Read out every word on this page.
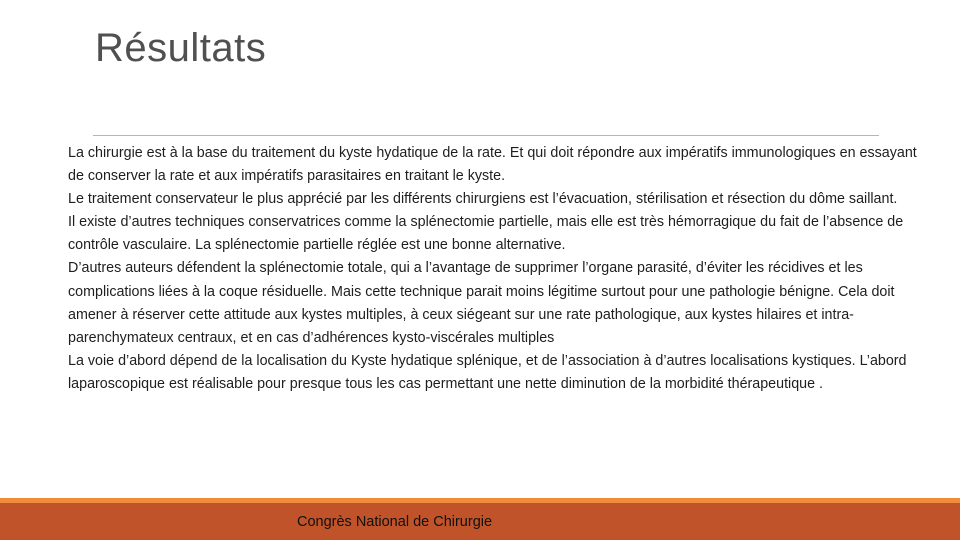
Résultats

La chirurgie est à la base du traitement du kyste hydatique de la rate. Et qui doit répondre aux impératifs immunologiques en essayant de conserver la rate et aux impératifs parasitaires en traitant le kyste.

Le traitement conservateur le plus apprécié par les différents chirurgiens est l’évacuation, stérilisation et résection du dôme saillant.

Il existe d’autres techniques conservatrices comme la splénectomie partielle, mais elle est très hémorragique du fait de l’absence de contrôle vasculaire. La splénectomie partielle réglée est une bonne alternative.

D’autres auteurs défendent la splénectomie totale, qui a l’avantage de supprimer l’organe parasité, d’éviter les récidives et les complications liées à la coque résiduelle. Mais cette technique parait moins légitime surtout pour une pathologie bénigne. Cela doit amener à réserver cette attitude aux kystes multiples, à ceux siégeant sur une rate pathologique, aux kystes hilaires et intra-parenchymateux centraux, et en cas d’adhérences kysto-viscérales multiples

La voie d’abord dépend de la localisation du Kyste hydatique splénique, et de l’association à d’autres localisations kystiques. L’abord laparoscopique est réalisable pour presque tous les cas permettant une nette diminution de la morbidité thérapeutique .

Congrès National de Chirurgie
